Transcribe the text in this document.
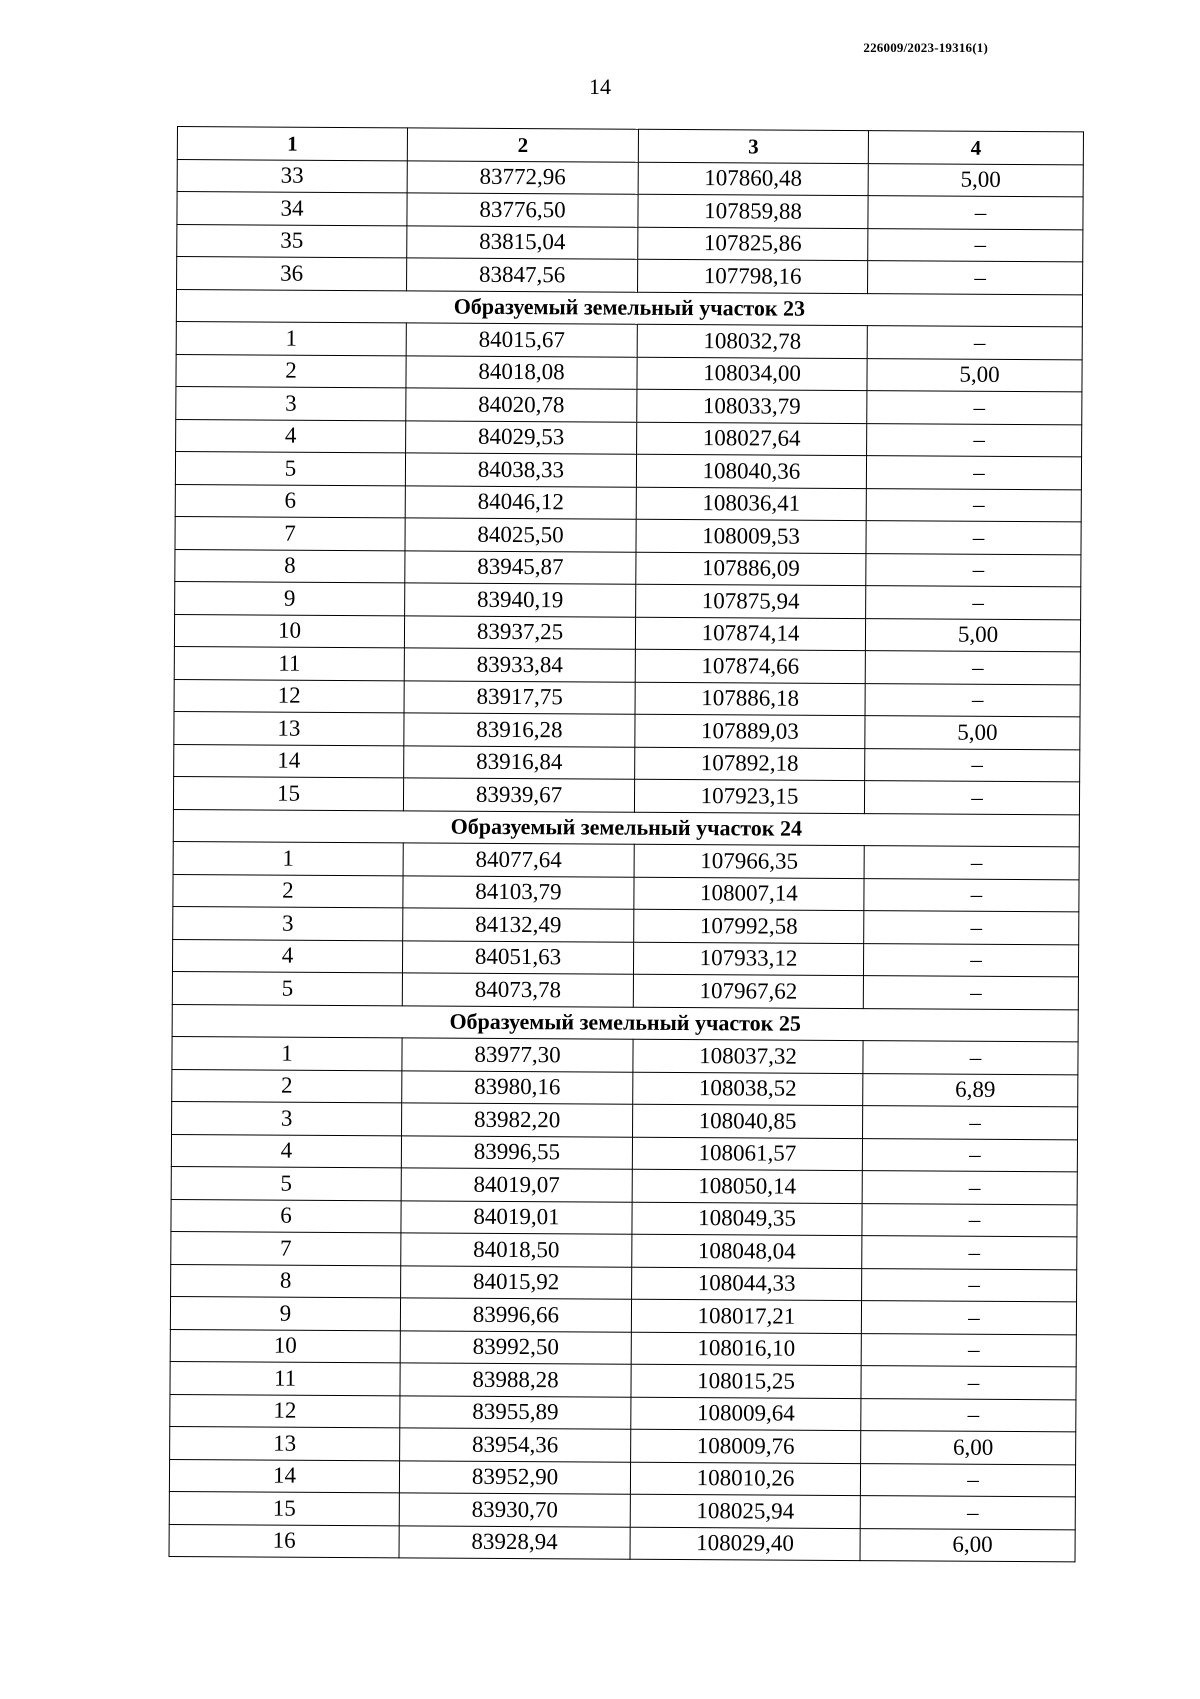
226009/2023-19316(1)
14
1	2	3	4
33	83772,96	107860,48	5,00
34	83776,50	107859,88	–
35	83815,04	107825,86	–
36	83847,56	107798,16	–
Образуемый земельный участок 23			
1	84015,67	108032,78	–
2	84018,08	108034,00	5,00
3	84020,78	108033,79	–
4	84029,53	108027,64	–
5	84038,33	108040,36	–
6	84046,12	108036,41	–
7	84025,50	108009,53	–
8	83945,87	107886,09	–
9	83940,19	107875,94	–
10	83937,25	107874,14	5,00
11	83933,84	107874,66	–
12	83917,75	107886,18	–
13	83916,28	107889,03	5,00
14	83916,84	107892,18	–
15	83939,67	107923,15	–
Образуемый земельный участок 24			
1	84077,64	107966,35	–
2	84103,79	108007,14	–
3	84132,49	107992,58	–
4	84051,63	107933,12	–
5	84073,78	107967,62	–
Образуемый земельный участок 25			
1	83977,30	108037,32	–
2	83980,16	108038,52	6,89
3	83982,20	108040,85	–
4	83996,55	108061,57	–
5	84019,07	108050,14	–
6	84019,01	108049,35	–
7	84018,50	108048,04	–
8	84015,92	108044,33	–
9	83996,66	108017,21	–
10	83992,50	108016,10	–
11	83988,28	108015,25	–
12	83955,89	108009,64	–
13	83954,36	108009,76	6,00
14	83952,90	108010,26	–
15	83930,70	108025,94	–
16	83928,94	108029,40	6,00
